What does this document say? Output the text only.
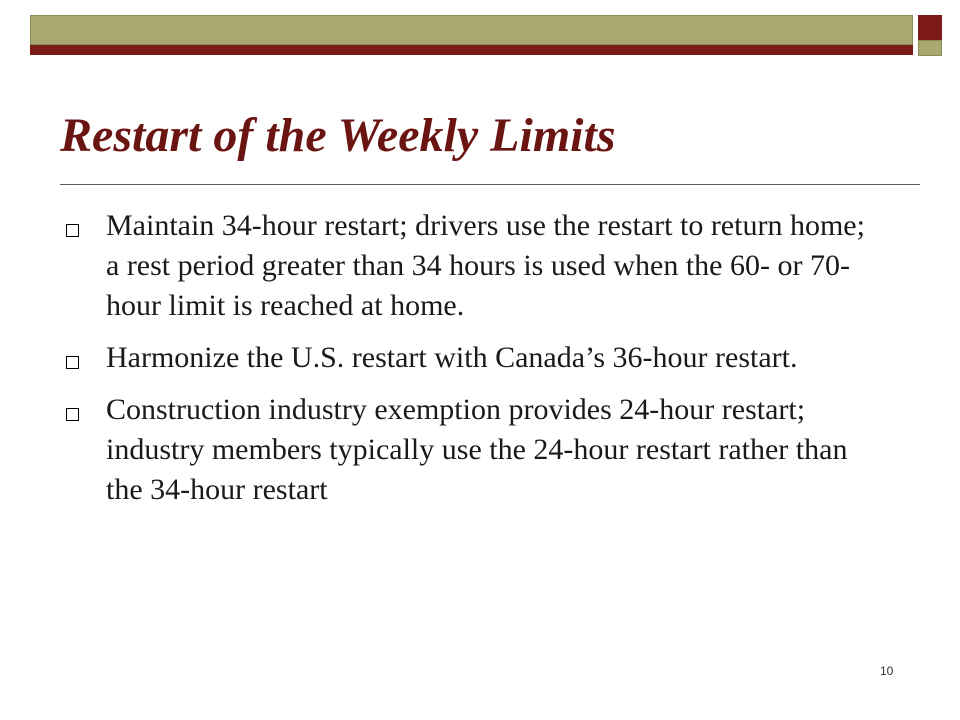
Restart of the Weekly Limits
Maintain 34-hour restart; drivers use the restart to return home; a rest period greater than 34 hours is used when the 60- or 70-hour limit is reached at home.
Harmonize the U.S. restart with Canada’s 36-hour restart.
Construction industry exemption provides 24-hour restart; industry members typically use the 24-hour restart rather than the 34-hour restart
10
